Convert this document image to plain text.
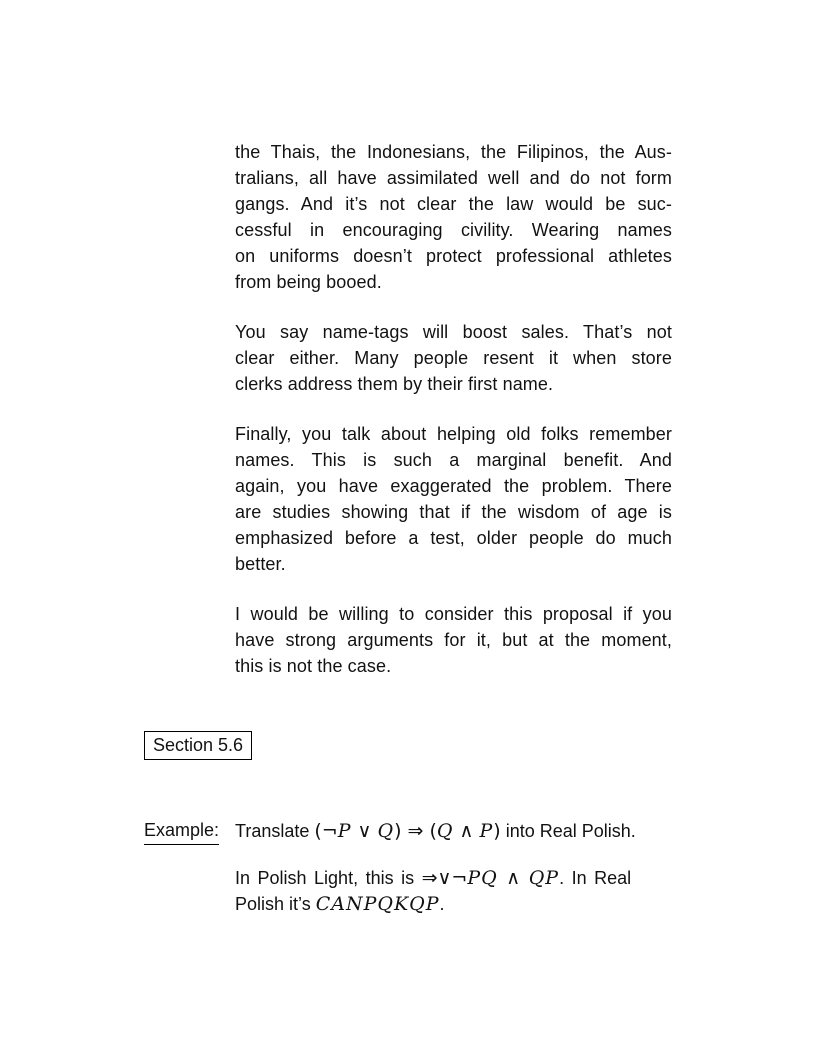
the Thais, the Indonesians, the Filipinos, the Aus-
tralians, all have assimilated well and do not form
gangs. And it’s not clear the law would be suc-
cessful in encouraging civility. Wearing names
on uniforms doesn’t protect professional athletes
from being booed.
You say name-tags will boost sales. That’s not
clear either. Many people resent it when store
clerks address them by their first name.
Finally, you talk about helping old folks remember
names. This is such a marginal benefit. And
again, you have exaggerated the problem. There
are studies showing that if the wisdom of age is
emphasized before a test, older people do much
better.
I would be willing to consider this proposal if you
have strong arguments for it, but at the moment,
this is not the case.
Section 5.6
Example: Translate (¬P ∨ Q) ⇒ (Q ∧ P) into Real Polish.
In Polish Light, this is ⇒∨¬PQ ∧ QP. In Real
Polish it’s CANPQKQP.
